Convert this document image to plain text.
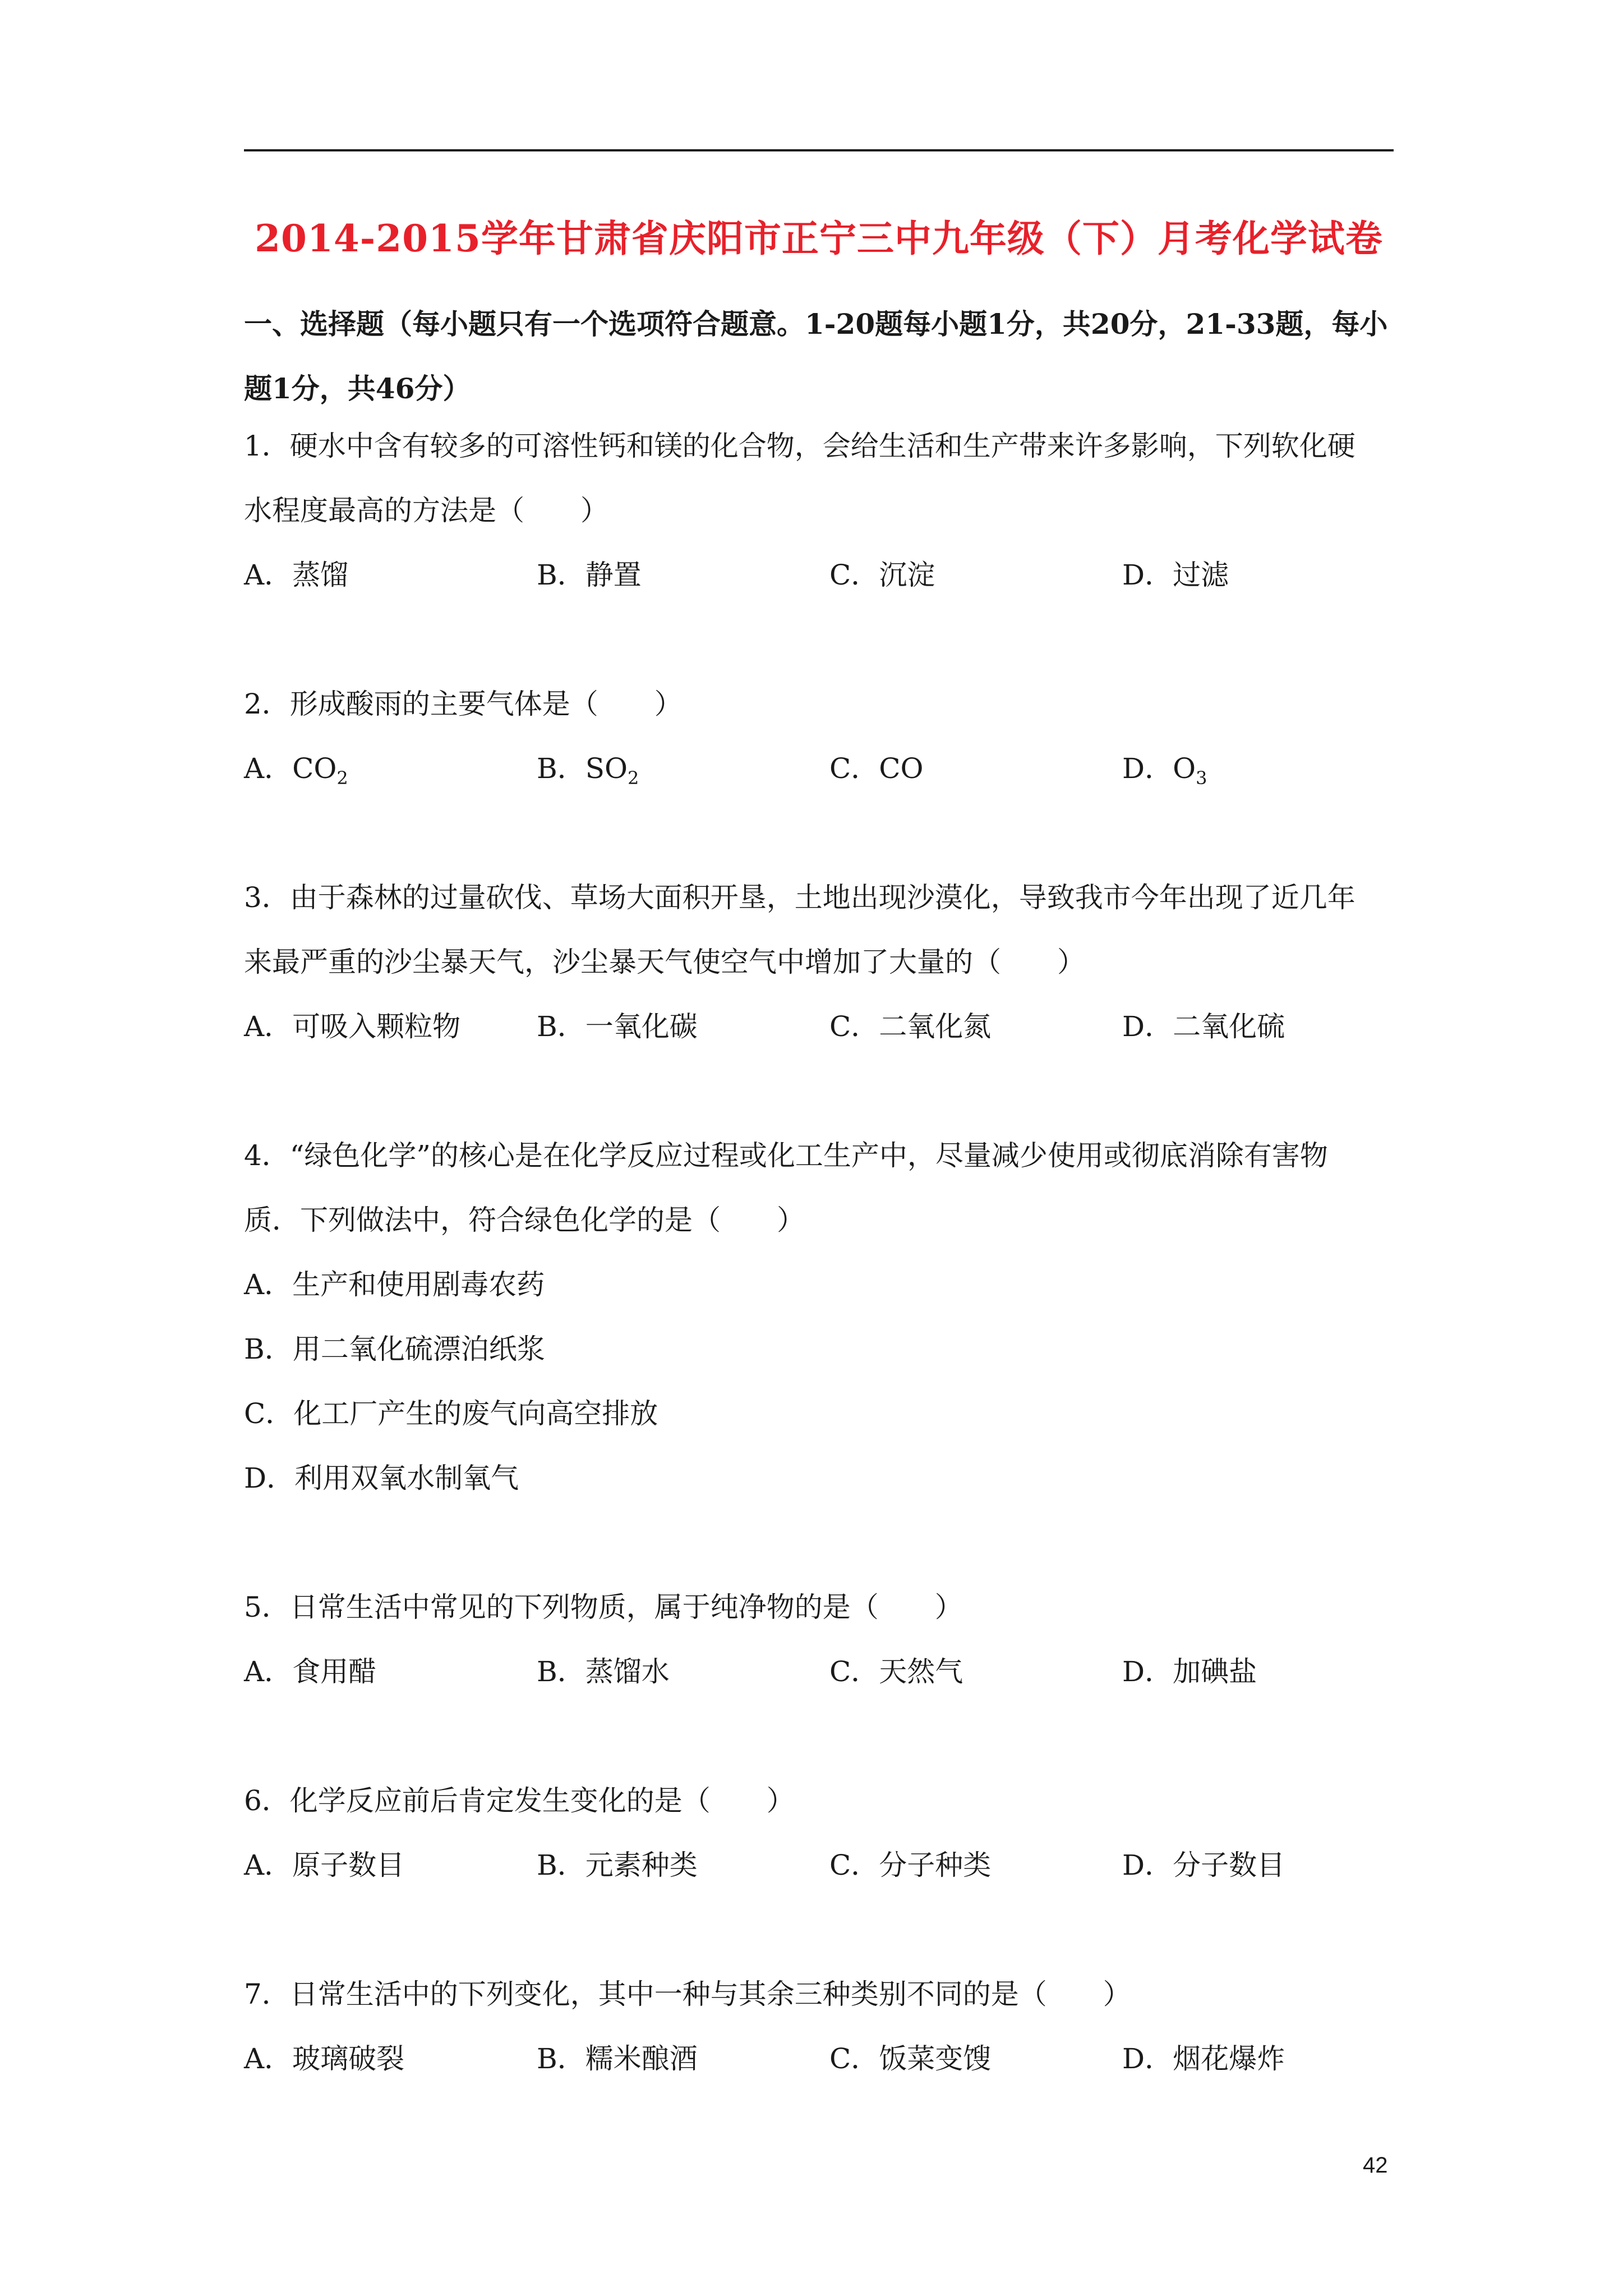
2014-2015学年甘肃省庆阳市正宁三中九年级（下）月考化学试卷
一、选择题（每小题只有一个选项符合题意。1-20题每小题1分，共20分，21-33题，每小题1分，共46分）
1．硬水中含有较多的可溶性钙和镁的化合物，会给生活和生产带来许多影响，下列软化硬
水程度最高的方法是（　　）
A．蒸馏	B．静置	C．沉淀	D．过滤
2．形成酸雨的主要气体是（　　）
A．$CO_2$	B．$SO_2$	C．CO	D．$O_3$
3．由于森林的过量砍伐、草场大面积开垦，土地出现沙漠化，导致我市今年出现了近几年
来最严重的沙尘暴天气，沙尘暴天气使空气中增加了大量的（　　）
A．可吸入颗粒物	B．一氧化碳	C．二氧化氮	D．二氧化硫
4．“绿色化学”的核心是在化学反应过程或化工生产中，尽量减少使用或彻底消除有害物
质．下列做法中，符合绿色化学的是（　　）
A．生产和使用剧毒农药
B．用二氧化硫漂泊纸浆
C．化工厂产生的废气向高空排放
D．利用双氧水制氧气
5．日常生活中常见的下列物质，属于纯净物的是（　　）
A．食用醋	B．蒸馏水	C．天然气	D．加碘盐
6．化学反应前后肯定发生变化的是（　　）
A．原子数目	B．元素种类	C．分子种类	D．分子数目
7．日常生活中的下列变化，其中一种与其余三种类别不同的是（　　）
A．玻璃破裂	B．糯米酿酒	C．饭菜变馊	D．烟花爆炸
42
